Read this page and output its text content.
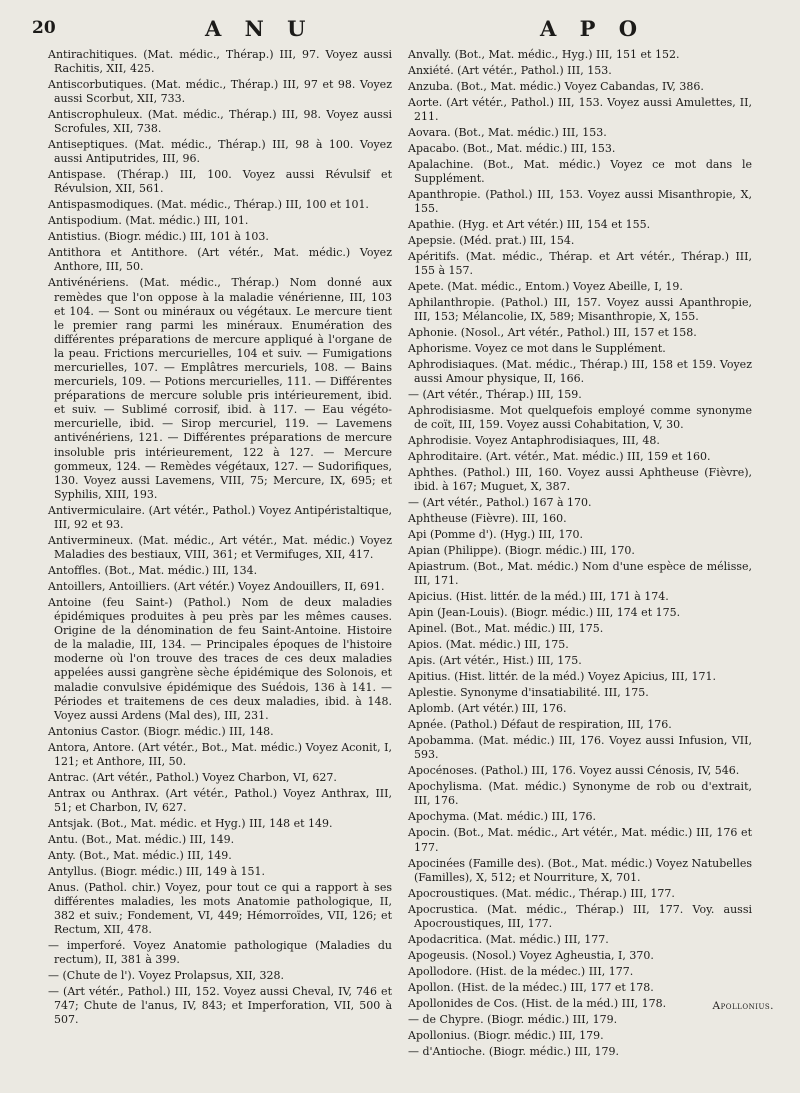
20	A N U	A P O

Antirachitiques. (Mat. médic., Thérap.) III, 97. Voyez aussi Rachitis, XII, 425.

Antiscorbutiques. (Mat. médic., Thérap.) III, 97 et 98. Voyez aussi Scorbut, XII, 733.

Antiscrophuleux. (Mat. médic., Thérap.) III, 98. Voyez aussi Scrofules, XII, 738.

Antiseptiques. (Mat. médic., Thérap.) III, 98 à 100. Voyez aussi Antiputrides, III, 96.

Antispase. (Thérap.) III, 100. Voyez aussi Révulsif et Révulsion, XII, 561.

Antispasmodiques. (Mat. médic., Thérap.) III, 100 et 101.

Antispodium. (Mat. médic.) III, 101.

Antistius. (Biogr. médic.) III, 101 à 103.

Antithora et Antithore. (Art vétér., Mat. médic.) Voyez Anthore, III, 50.

Antivénériens. (Mat. médic., Thérap.) Nom donné aux remèdes que l'on oppose à la maladie vénérienne, III, 103 et 104. — Sont ou minéraux ou végétaux. Le mercure tient le premier rang parmi les minéraux. Enumération des différentes préparations de mercure appliqué à l'organe de la peau. Frictions mercurielles, 104 et suiv. — Fumigations mercurielles, 107. — Emplâtres mercuriels, 108. — Bains mercuriels, 109. — Potions mercurielles, 111. — Différentes préparations de mercure soluble pris intérieurement, ibid. et suiv. — Sublimé corrosif, ibid. à 117. — Eau végéto-mercurielle, ibid. — Sirop mercuriel, 119. — Lavemens antivénériens, 121. — Différentes préparations de mercure insoluble pris intérieurement, 122 à 127. — Mercure gommeux, 124. — Remèdes végétaux, 127. — Sudorifiques, 130. Voyez aussi Lavemens, VIII, 75; Mercure, IX, 695; et Syphilis, XIII, 193.

Antivermiculaire. (Art vétér., Pathol.) Voyez Antipéristaltique, III, 92 et 93.

Antivermineux. (Mat. médic., Art vétér., Mat. médic.) Voyez Maladies des bestiaux, VIII, 361; et Vermifuges, XII, 417.

Antoffles. (Bot., Mat. médic.) III, 134.

Antoillers, Antoilliers. (Art vétér.) Voyez Andouillers, II, 691.

Antoine (feu Saint-) (Pathol.) Nom de deux maladies épidémiques produites à peu près par les mêmes causes. Origine de la dénomination de feu Saint-Antoine. Histoire de la maladie, III, 134. — Principales époques de l'histoire moderne où l'on trouve des traces de ces deux maladies appelées aussi gangrène sèche épidémique des Solonois, et maladie convulsive épidémique des Suédois, 136 à 141. — Périodes et traitemens de ces deux maladies, ibid. à 148. Voyez aussi Ardens (Mal des), III, 231.

Antonius Castor. (Biogr. médic.) III, 148.

Antora, Antore. (Art vétér., Bot., Mat. médic.) Voyez Aconit, I, 121; et Anthore, III, 50.

Antrac. (Art vétér., Pathol.) Voyez Charbon, VI, 627.

Antrax ou Anthrax. (Art vétér., Pathol.) Voyez Anthrax, III, 51; et Charbon, IV, 627.

Antsjak. (Bot., Mat. médic. et Hyg.) III, 148 et 149.

Antu. (Bot., Mat. médic.) III, 149.

Anty. (Bot., Mat. médic.) III, 149.

Antyllus. (Biogr. médic.) III, 149 à 151.

Anus. (Pathol. chir.) Voyez, pour tout ce qui a rapport à ses différentes maladies, les mots Anatomie pathologique, II, 382 et suiv.; Fondement, VI, 449; Hémorroïdes, VII, 126; et Rectum, XII, 478.

— imperforé. Voyez Anatomie pathologique (Maladies du rectum), II, 381 à 399.

— (Chute de l'). Voyez Prolapsus, XII, 328.

— (Art vétér., Pathol.) III, 152. Voyez aussi Cheval, IV, 746 et 747; Chute de l'anus, IV, 843; et Imperforation, VII, 500 à 507.

Anvally. (Bot., Mat. médic., Hyg.) III, 151 et 152.

Anxiété. (Art vétér., Pathol.) III, 153.

Anzuba. (Bot., Mat. médic.) Voyez Cabandas, IV, 386.

Aorte. (Art vétér., Pathol.) III, 153. Voyez aussi Amulettes, II, 211.

Aovara. (Bot., Mat. médic.) III, 153.

Apacabo. (Bot., Mat. médic.) III, 153.

Apalachine. (Bot., Mat. médic.) Voyez ce mot dans le Supplément.

Apanthropie. (Pathol.) III, 153. Voyez aussi Misanthropie, X, 155.

Apathie. (Hyg. et Art vétér.) III, 154 et 155.

Apepsie. (Méd. prat.) III, 154.

Apéritifs. (Mat. médic., Thérap. et Art vétér., Thérap.) III, 155 à 157.

Apete. (Mat. médic., Entom.) Voyez Abeille, I, 19.

Aphilanthropie. (Pathol.) III, 157. Voyez aussi Apanthropie, III, 153; Mélancolie, IX, 589; Misanthropie, X, 155.

Aphonie. (Nosol., Art vétér., Pathol.) III, 157 et 158.

Aphorisme. Voyez ce mot dans le Supplément.

Aphrodisiaques. (Mat. médic., Thérap.) III, 158 et 159. Voyez aussi Amour physique, II, 166.

— (Art vétér., Thérap.) III, 159.

Aphrodisiasme. Mot quelquefois employé comme synonyme de coït, III, 159. Voyez aussi Cohabitation, V, 30.

Aphrodisie. Voyez Antaphrodisiaques, III, 48.

Aphroditaire. (Art. vétér., Mat. médic.) III, 159 et 160.

Aphthes. (Pathol.) III, 160. Voyez aussi Aphtheuse (Fièvre), ibid. à 167; Muguet, X, 387.

— (Art vétér., Pathol.) 167 à 170.

Aphtheuse (Fièvre). III, 160.

Api (Pomme d'). (Hyg.) III, 170.

Apian (Philippe). (Biogr. médic.) III, 170.

Apiastrum. (Bot., Mat. médic.) Nom d'une espèce de mélisse, III, 171.

Apicius. (Hist. littér. de la méd.) III, 171 à 174.

Apin (Jean-Louis). (Biogr. médic.) III, 174 et 175.

Apinel. (Bot., Mat. médic.) III, 175.

Apios. (Mat. médic.) III, 175.

Apis. (Art vétér., Hist.) III, 175.

Apitius. (Hist. littér. de la méd.) Voyez Apicius, III, 171.

Aplestie. Synonyme d'insatiabilité. III, 175.

Aplomb. (Art vétér.) III, 176.

Apnée. (Pathol.) Défaut de respiration, III, 176.

Apobamma. (Mat. médic.) III, 176. Voyez aussi Infusion, VII, 593.

Apocénoses. (Pathol.) III, 176. Voyez aussi Cénosis, IV, 546.

Apochylisma. (Mat. médic.) Synonyme de rob ou d'extrait, III, 176.

Apochyma. (Mat. médic.) III, 176.

Apocin. (Bot., Mat. médic., Art vétér., Mat. médic.) III, 176 et 177.

Apocinées (Famille des). (Bot., Mat. médic.) Voyez Natubelles (Familles), X, 512; et Nourriture, X, 701.

Apocroustiques. (Mat. médic., Thérap.) III, 177.

Apocrustica. (Mat. médic., Thérap.) III, 177. Voy. aussi Apocroustiques, III, 177.

Apodacritica. (Mat. médic.) III, 177.

Apogeusis. (Nosol.) Voyez Agheustia, I, 370.

Apollodore. (Hist. de la médec.) III, 177.

Apollon. (Hist. de la médec.) III, 177 et 178.

Apollonides de Cos. (Hist. de la méd.) III, 178.

— de Chypre. (Biogr. médic.) III, 179.

Apollonius. (Biogr. médic.) III, 179.

— d'Antioche. (Biogr. médic.) III, 179.

Apollonius.
